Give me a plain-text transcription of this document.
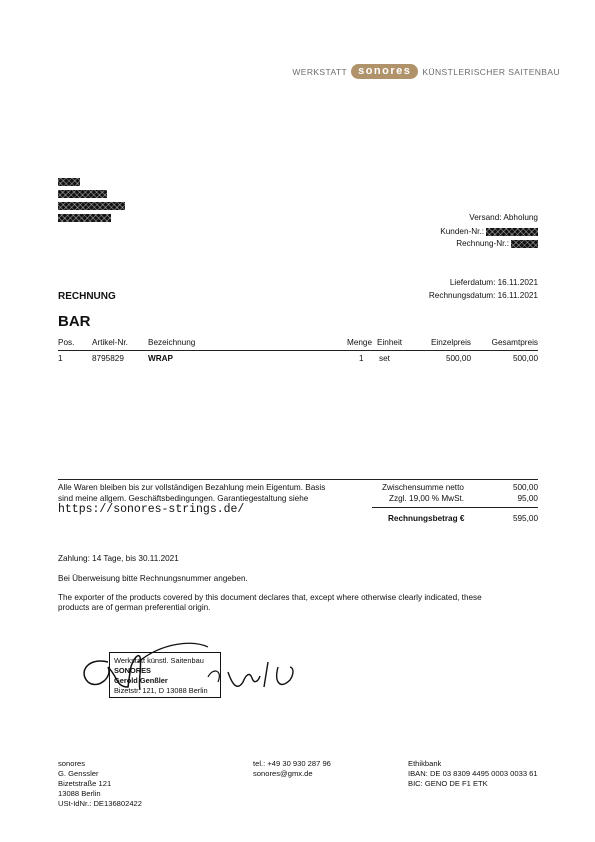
WERKSTATT	sonores	KÜNSTLERISCHER SAITENBAU
Versand: Abholung
Kunden-Nr.:
Rechnung-Nr.:
Lieferdatum: 16.11.2021
Rechnungsdatum: 16.11.2021
RECHNUNG
BAR
Pos. Artikel-Nr. Bezeichnung	Menge Einheit	Einzelpreis	Gesamtpreis
1	8795829	WRAP	1 set	500,00	500,00
Alle Waren bleiben bis zur vollständigen Bezahlung mein Eigentum. Basis
sind meine allgem. Geschäftsbedingungen. Garantiegestaltung siehe
https://sonores-strings.de/
Zwischensumme netto	500,00
Zzgl. 19,00 % MwSt.	95,00
Rechnungsbetrag €	595,00
Zahlung: 14 Tage, bis 30.11.2021
Bei Überweisung bitte Rechnungsnummer angeben.
The exporter of the products covered by this document declares that, except where otherwise clearly indicated, these
products are of german preferential origin.
Werkstatt künstl. Saitenbau
SONORES
Gerold Genßler
Bizetstr. 121, D 13088 Berlin
sonores
G. Genssler
Bizetstraße 121
13088 Berlin
USt-IdNr.: DE136802422
tel.: +49 30 930 287 96
sonores@gmx.de
Ethikbank
IBAN: DE 03 8309 4495 0003 0033 61
BIC: GENO DE F1 ETK
